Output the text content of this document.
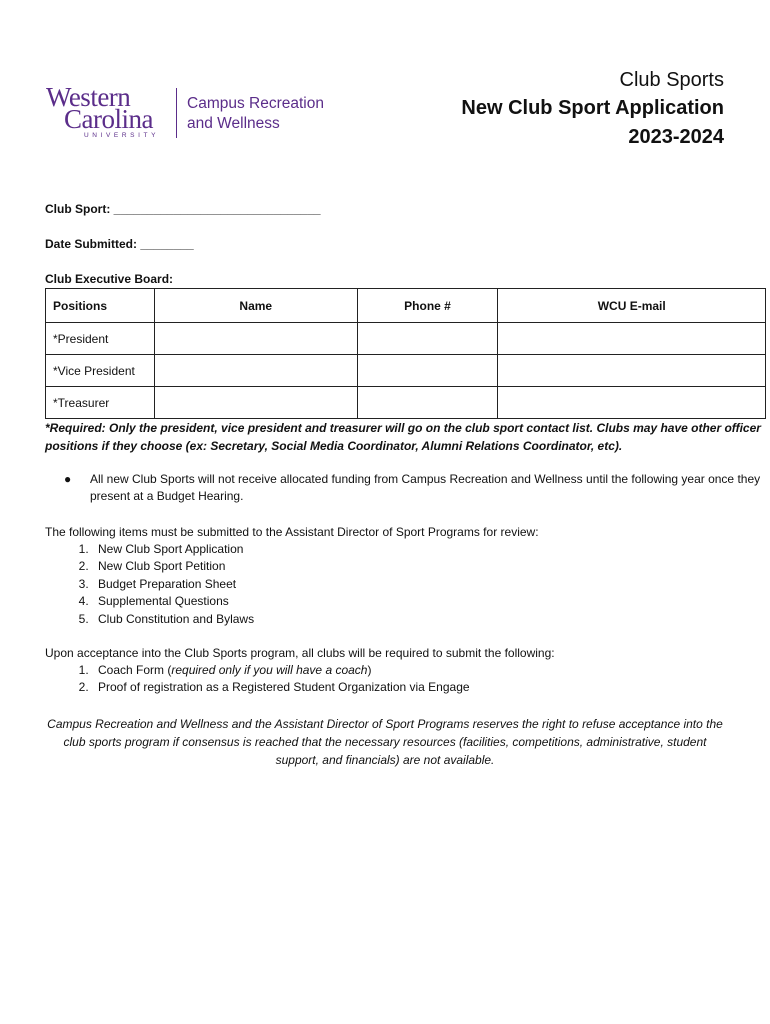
Western
Carolina
UNIVERSITY
Campus Recreation
and Wellness
Club Sports
New Club Sport Application
2023-2024
Club Sport: _______________________________
Date Submitted: ________
Club Executive Board:
Positions	Name	Phone #	WCU E-mail
*President			
*Vice President			
*Treasurer			
*Required: Only the president, vice president and treasurer will go on the club sport contact list. Clubs may have other officer positions if they choose (ex: Secretary, Social Media Coordinator, Alumni Relations Coordinator, etc).
● All new Club Sports will not receive allocated funding from Campus Recreation and Wellness until the following year once they present at a Budget Hearing.
The following items must be submitted to the Assistant Director of Sport Programs for review:
1. New Club Sport Application
2. New Club Sport Petition
3. Budget Preparation Sheet
4. Supplemental Questions
5. Club Constitution and Bylaws
Upon acceptance into the Club Sports program, all clubs will be required to submit the following:
1. Coach Form (required only if you will have a coach)
2. Proof of registration as a Registered Student Organization via Engage
Campus Recreation and Wellness and the Assistant Director of Sport Programs reserves the right to refuse acceptance into the club sports program if consensus is reached that the necessary resources (facilities, competitions, administrative, student support, and financials) are not available.
